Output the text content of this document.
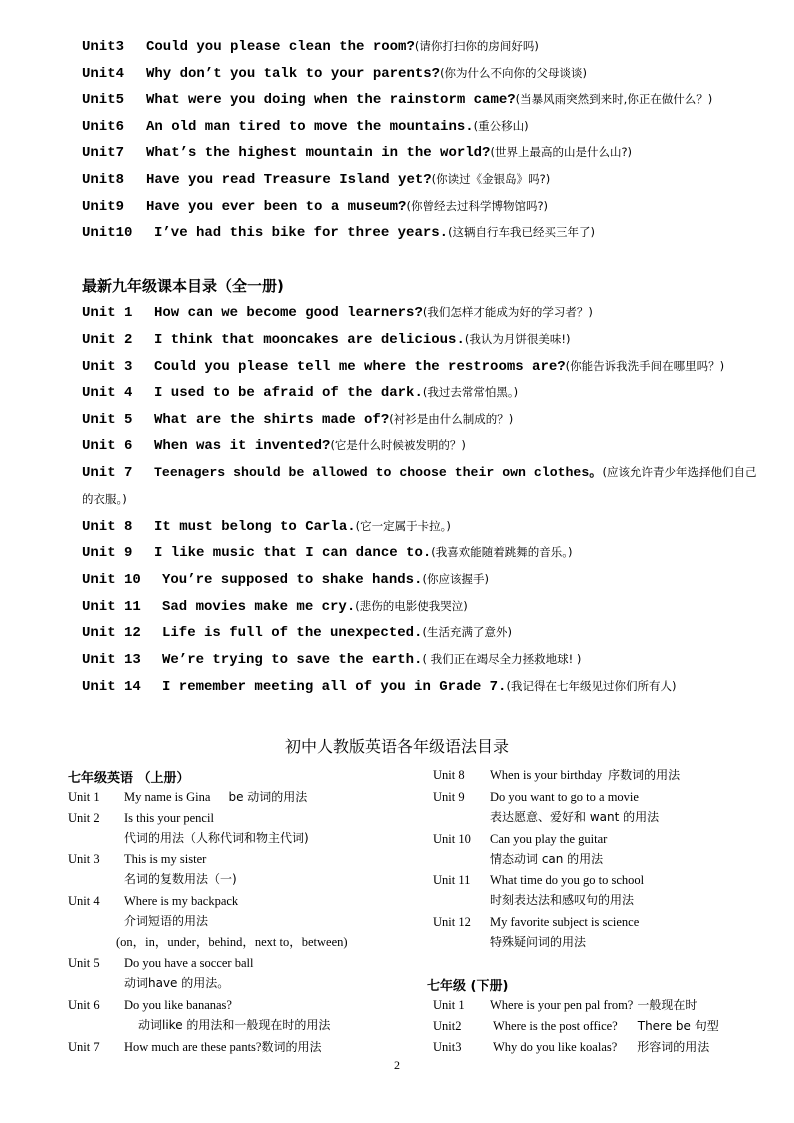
Unit3 Could you please clean the room?(请你打扫你的房间好吗)
Unit4 Why don’t you talk to your parents?(你为什么不向你的父母谈谈)
Unit5 What were you doing when the rainstorm came?(当暴风雨突然到来时,你正在做什么？)
Unit6 An old man tired to move the mountains.(重公移山)
Unit7 What’s the highest mountain in the world?(世界上最高的山是什么山?)
Unit8 Have you read Treasure Island yet?(你读过《金银岛》吗?)
Unit9 Have you ever been to a museum?(你曾经去过科学博物馆吗?)
Unit10 I’ve had this bike for three years.(这辆自行车我已经买三年了)
最新九年级课本目录（全一册)
Unit 1 How can we become good learners?(我们怎样才能成为好的学习者？)
Unit 2 I think that mooncakes are delicious.(我认为月饼很美味!)
Unit 3 Could you please tell me where the restrooms are?(你能告诉我洗手间在哪里吗？)
Unit 4 I used to be afraid of the dark.(我过去常常怕黑。)
Unit 5 What are the shirts made of?(衬衫是由什么制成的？)
Unit 6 When was it invented?(它是什么时候被发明的？)
Unit 7 Teenagers should be allowed to choose their own clothes。(应该允许青少年选择他们自己
的衣服。)
Unit 8 It must belong to Carla.(它一定属于卡拉。)
Unit 9 I like music that I can dance to.(我喜欢能随着跳舞的音乐。)
Unit 10 You’re supposed to shake hands.(你应该握手)
Unit 11 Sad movies make me cry.(悲伤的电影使我哭泣)
Unit 12 Life is full of the unexpected.(生活充满了意外)
Unit 13 We’re trying to save the earth.( 我们正在竭尽全力拯救地球! )
Unit 14 I remember meeting all of you in Grade 7.(我记得在七年级见过你们所有人)
初中人教版英语各年级语法目录
七年级英语 （上册）
Unit 1 My name is Gina be 动词的用法
Unit 2 Is this your pencil
代词的用法（人称代词和物主代词)
Unit 3 This is my sister
名词的复数用法（一)
Unit 4 Where is my backpack
介词短语的用法
(on，in，under，behind，next to，between)
Unit 5 Do you have a soccer ball
动词have 的用法。
Unit 6 Do you like bananas?
动词like 的用法和一般现在时的用法
Unit 7 How much are these pants?数词的用法
Unit 8 When is your birthday 序数词的用法
Unit 9 Do you want to go to a movie
表达愿意、爱好和 want 的用法
Unit 10 Can you play the guitar
情态动词 can 的用法
Unit 11 What time do you go to school
时刻表达法和感叹句的用法
Unit 12 My favorite subject is science
特殊疑问词的用法
七年级 (下册)
Unit 1 Where is your pen pal from? 一般现在时
Unit2	Where is the post office? There be 句型
Unit3	Why do you like koalas? 形容词的用法
2
